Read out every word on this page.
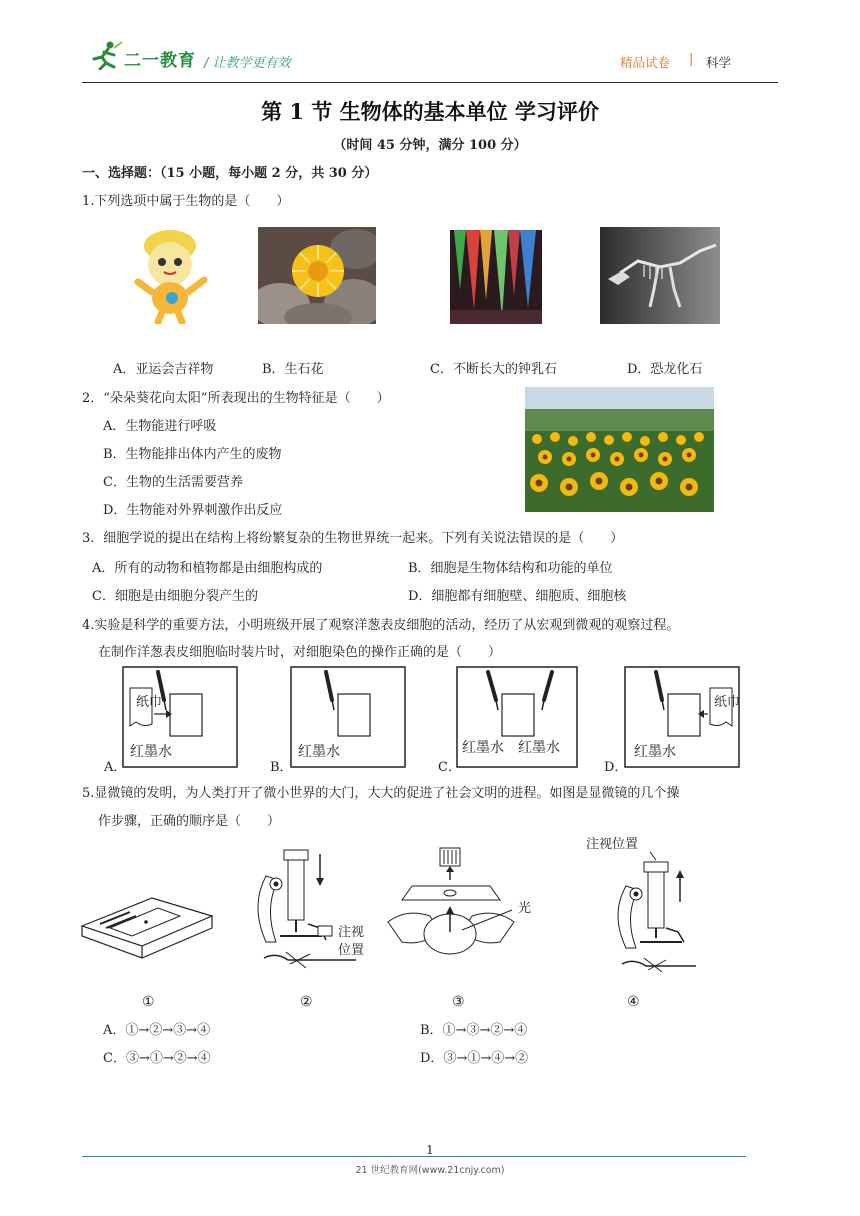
二一教育 / 让教学更有效	精品试卷 | 科学
第 1 节 生物体的基本单位 学习评价
（时间 45 分钟，满分 100 分）
一、选择题：（15 小题，每小题 2 分，共 30 分）
1.下列选项中属于生物的是（　　）
A．亚运会吉祥物	B．生石花	C．不断长大的钟乳石	D．恐龙化石
2．“朵朵葵花向太阳”所表现出的生物特征是（　　）
A．生物能进行呼吸
B．生物能排出体内产生的废物
C．生物的生活需要营养
D．生物能对外界刺激作出反应
3．细胞学说的提出在结构上将纷繁复杂的生物世界统一起来。下列有关说法错误的是（　　）
A．所有的动物和植物都是由细胞构成的	B．细胞是生物体结构和功能的单位
C．细胞是由细胞分裂产生的	D．细胞都有细胞壁、细胞质、细胞核
4.实验是科学的重要方法，小明班级开展了观察洋葱表皮细胞的活动，经历了从宏观到微观的观察过程。
在制作洋葱表皮细胞临时装片时，对细胞染色的操作正确的是（　　）
A．
纸巾
红墨水
B．
红墨水
C．
红墨水 红墨水
D．
纸巾
红墨水
5.显微镜的发明，为人类打开了微小世界的大门，大大的促进了社会文明的进程。如图是显微镜的几个操
作步骤，正确的顺序是（　　）
注视
位置
光
注视位置
①	②	③	④
A．①→②→③→④	B．①→③→②→④
C．③→①→②→④	D．③→①→④→②
1
21 世纪教育网(www.21cnjy.com)
